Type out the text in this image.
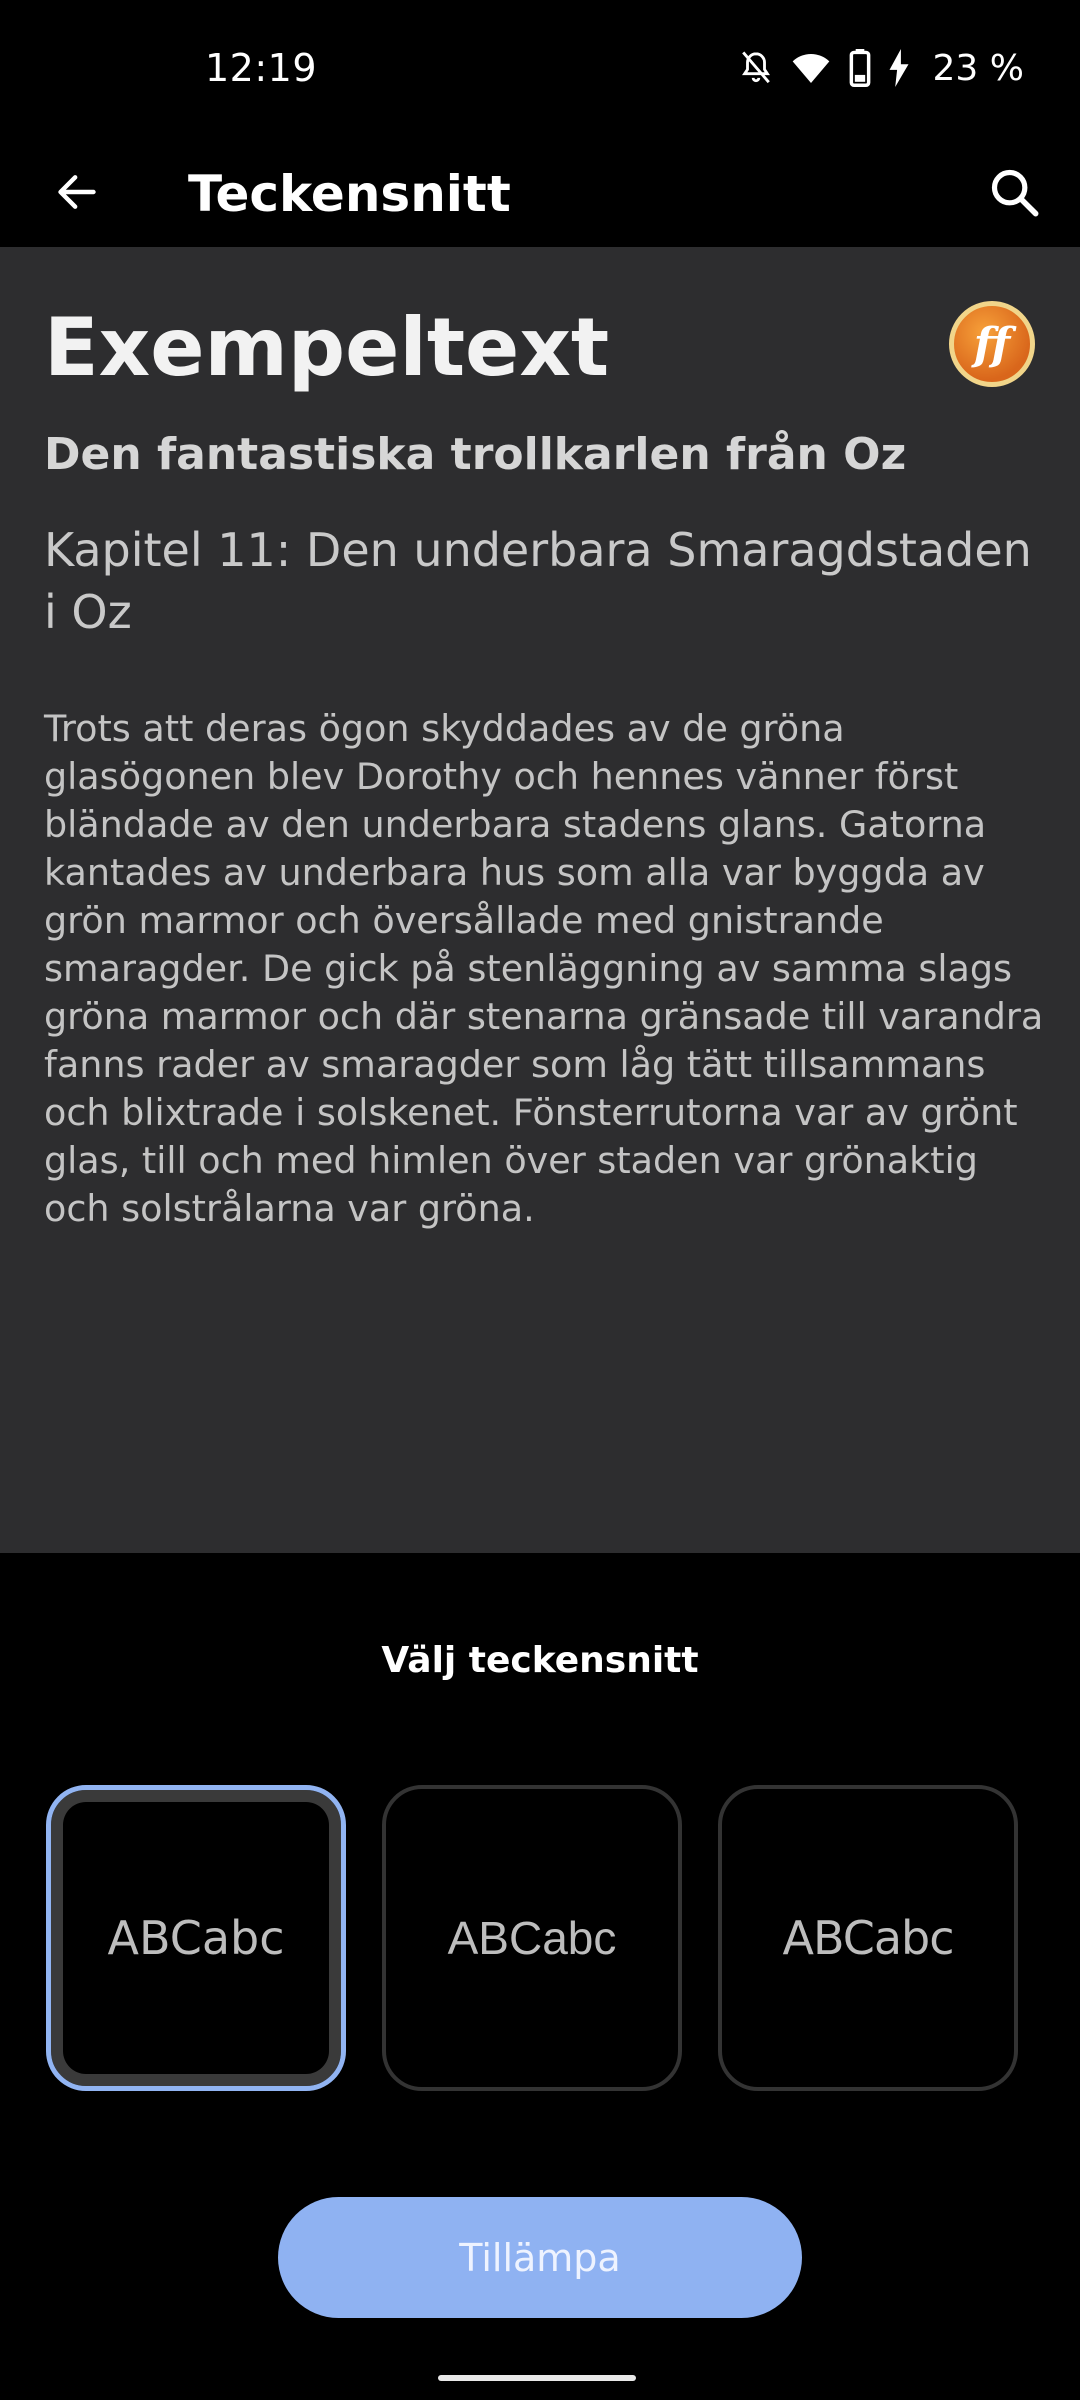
12:19	23 %
Teckensnitt
Exempeltext	ff
Den fantastiska trollkarlen från Oz
Kapitel 11: Den underbara Smaragdstaden i Oz
Trots att deras ögon skyddades av de gröna glasögonen blev Dorothy och hennes vänner först bländade av den underbara stadens glans. Gatorna kantades av underbara hus som alla var byggda av grön marmor och översållade med gnistrande smaragder. De gick på stenläggning av samma slags gröna marmor och där stenarna gränsade till varandra fanns rader av smaragder som låg tätt tillsammans och blixtrade i solskenet. Fönsterrutorna var av grönt glas, till och med himlen över staden var grönaktig och solstrålarna var gröna.
Välj teckensnitt
ABCabc	ABCabc	ABCabc
Tillämpa
